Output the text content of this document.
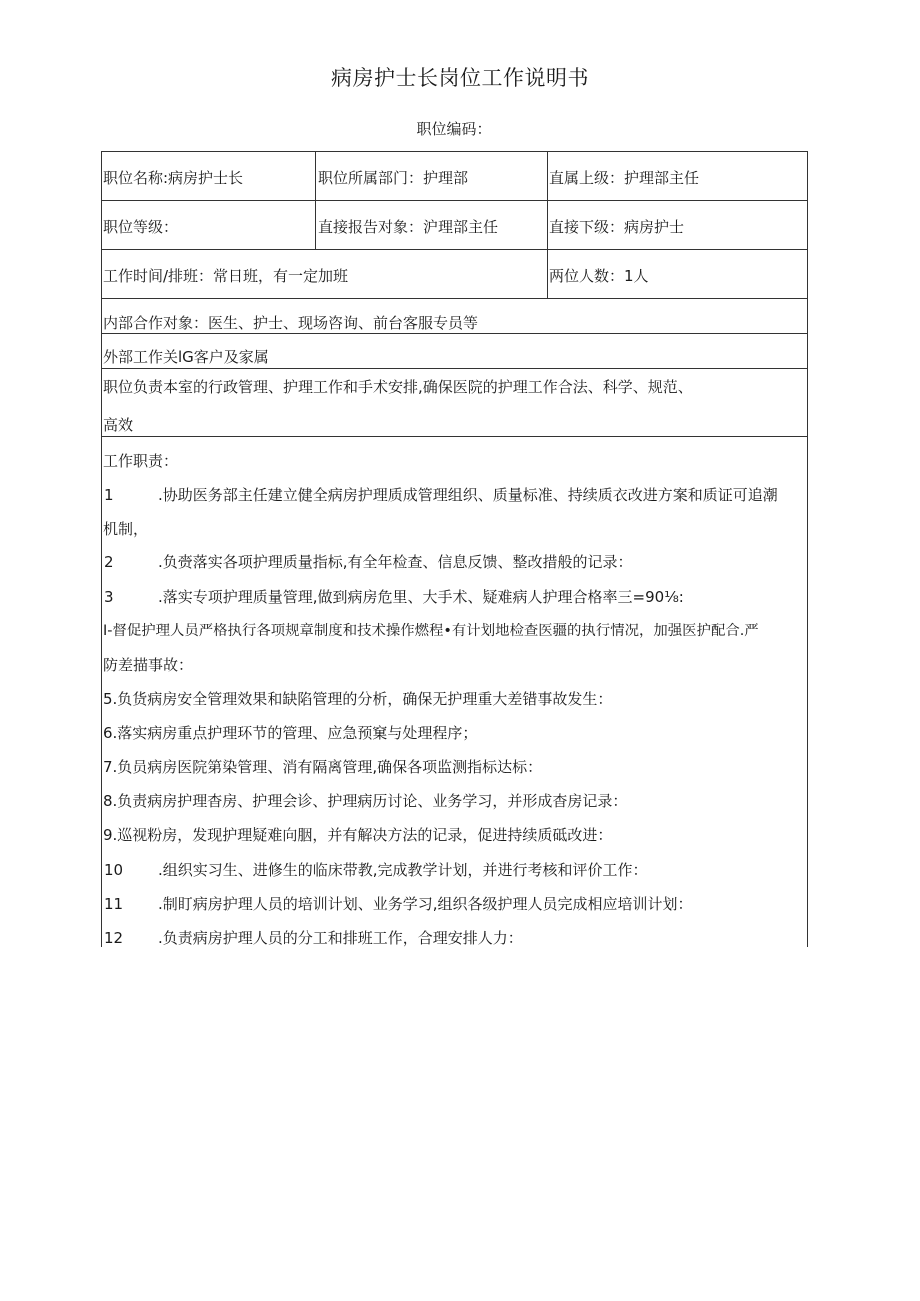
病房护士长岗位工作说明书
职位编码：
职位名称:病房护士长	职位所属部门：护理部	直属上级：护理部主任
职位等级：	直接报告对象：沪理部主任	直接下级：病房护士
工作时间/排班：常日班，有一定加班	两位人数：1人
内部合作对象：医生、护士、现场咨询、前台客服专员等
外部工作关lG客户及家属
职位负责本室的行政管理、护理工作和手术安排,确保医院的护理工作合法、科学、规范、
高效
工作职责：
1	.协助医务部主任建立健全病房护理质成管理组织、质量标准、持续质衣改进方案和质证可追潮
机制，
2	.负赍落实各项护理质量指标,有全年检查、信息反馈、整改措般的记录：
3	.落实专项护理质量管理,做到病房危里、大手术、疑难病人护理合格率三=90⅛:
I-督促护理人员严格执行各项规章制度和技术操作燃程•有计划地检查医疆的执行情况，加强医护配合.严
防差描事故：
5.负货病房安全管理效果和缺陷管理的分析，确保无护理重大差错事故发生：
6.落实病房重点护理环节的管理、应急预窠与处理程序；
7.负员病房医院第染管理、消有隔离管理,确保各项监测指标达标：
8.负责病房护理杳房、护理会诊、护理病历讨论、业务学习，并形成杳房记录：
9.巡视粉房，发现护理疑难向胭，并有解决方法的记录，促进持续质砥改进：
10 .组织实习生、进修生的临床带教,完成教学计划，并进行考核和评价工作：
11 .制盯病房护理人员的培训计划、业务学习,组织各级护理人员完成相应培训计划：
12 .负责病房护理人员的分工和排班工作，合理安排人力：
